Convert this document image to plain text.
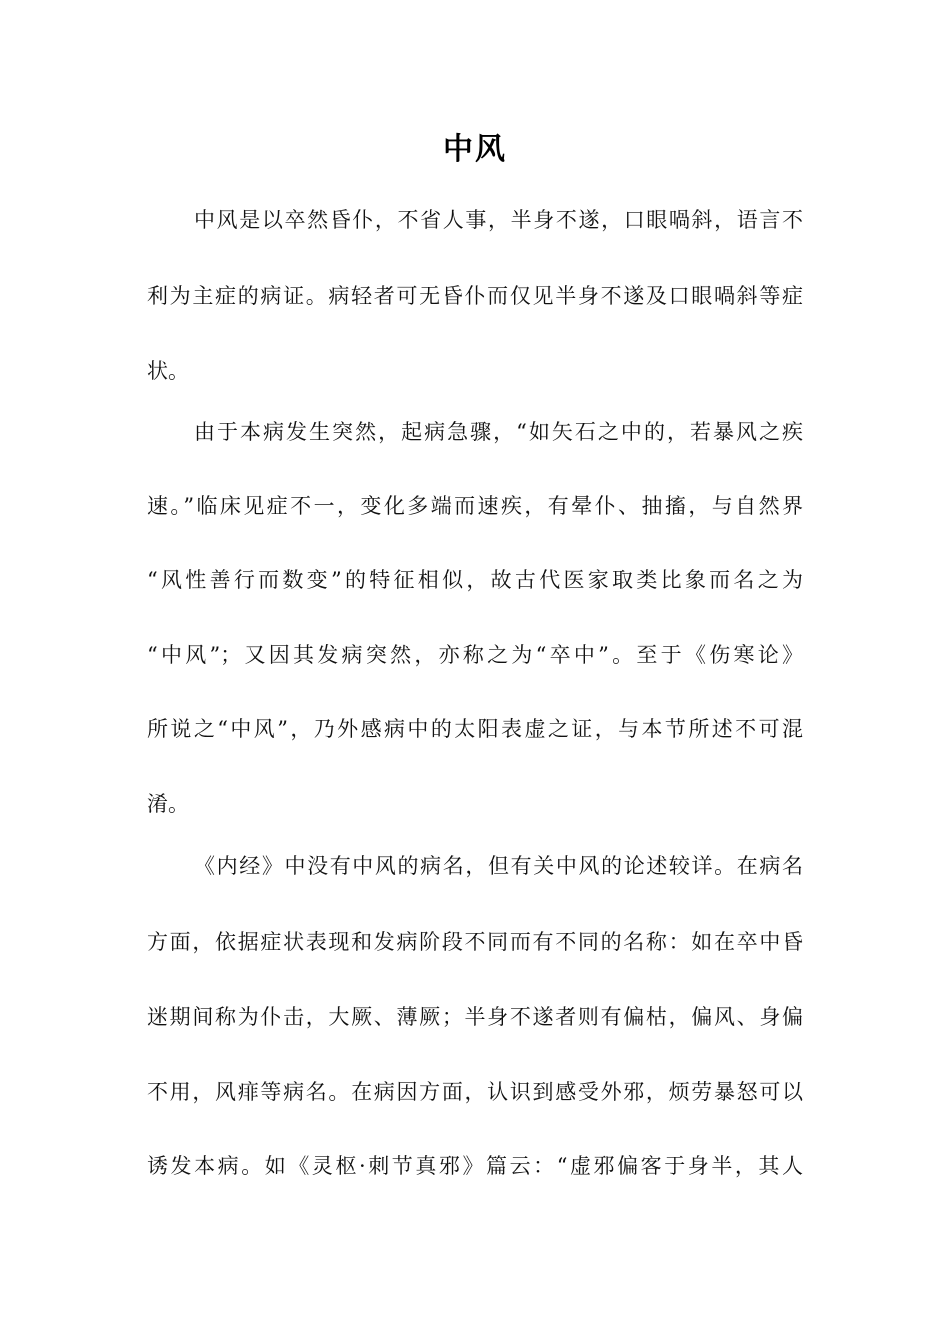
中风
中风是以卒然昏仆，不省人事，半身不遂，口眼喎斜，语言不
利为主症的病证。病轻者可无昏仆而仅见半身不遂及口眼喎斜等症
状。
由于本病发生突然，起病急骤，“如矢石之中的，若暴风之疾
速。”临床见症不一，变化多端而速疾，有晕仆、抽搐，与自然界
“风性善行而数变”的特征相似，故古代医家取类比象而名之为
“中风”；又因其发病突然，亦称之为“卒中”。至于《伤寒论》
所说之“中风”，乃外感病中的太阳表虚之证，与本节所述不可混
淆。
《内经》中没有中风的病名，但有关中风的论述较详。在病名
方面，依据症状表现和发病阶段不同而有不同的名称：如在卒中昏
迷期间称为仆击，大厥、薄厥；半身不遂者则有偏枯，偏风、身偏
不用，风痱等病名。在病因方面，认识到感受外邪，烦劳暴怒可以
诱发本病。如《灵枢·刺节真邪》篇云：“虚邪偏客于身半，其人
